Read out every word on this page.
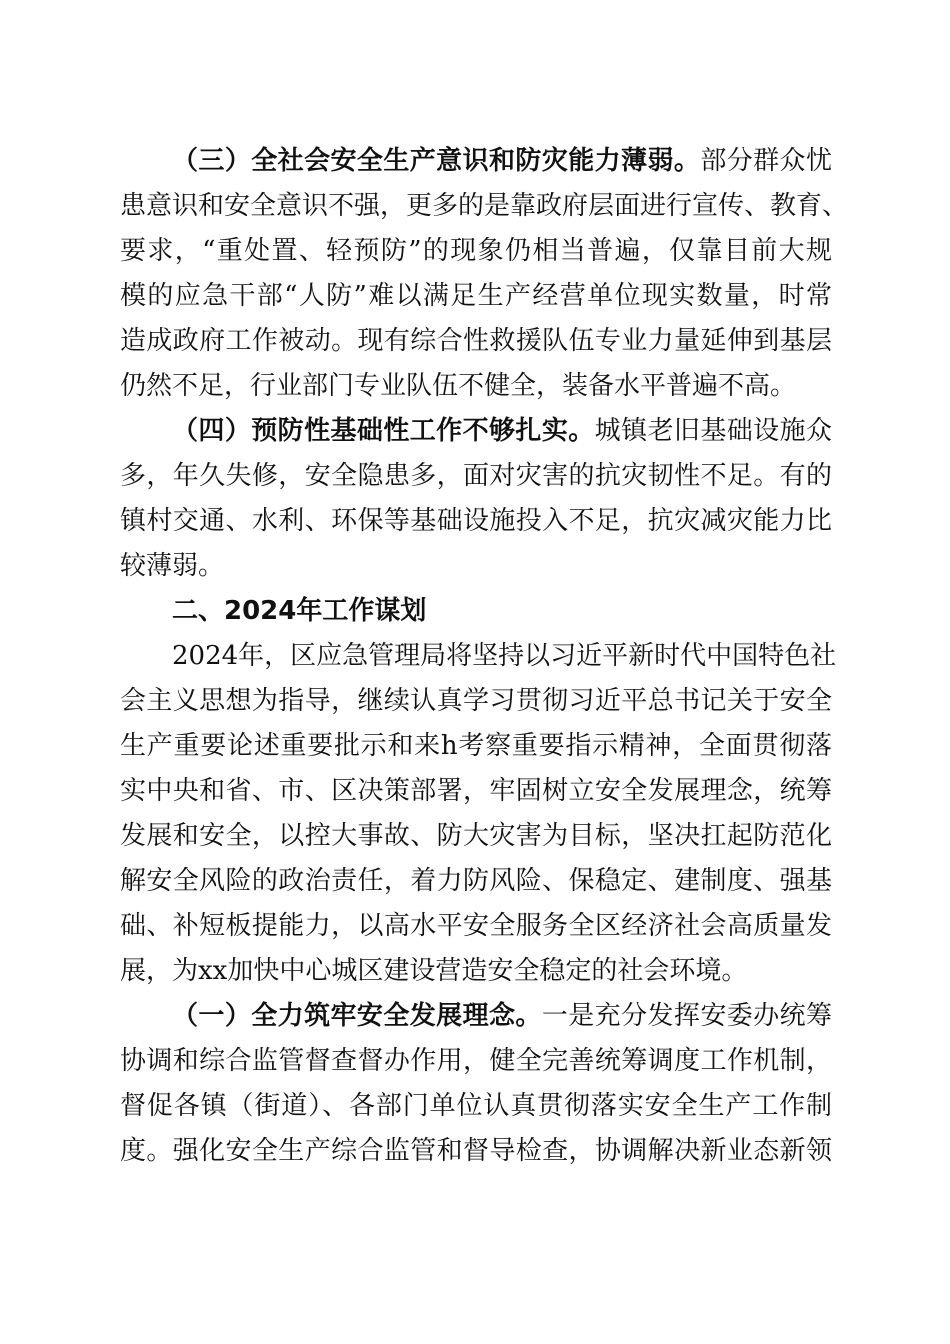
（三）全社会安全生产意识和防灾能力薄弱。部分群众忧
患意识和安全意识不强，更多的是靠政府层面进行宣传、教育、
要求，“重处置、轻预防”的现象仍相当普遍，仅靠目前大规
模的应急干部“人防”难以满足生产经营单位现实数量，时常
造成政府工作被动。现有综合性救援队伍专业力量延伸到基层
仍然不足，行业部门专业队伍不健全，装备水平普遍不高。
（四）预防性基础性工作不够扎实。城镇老旧基础设施众
多，年久失修，安全隐患多，面对灾害的抗灾韧性不足。有的
镇村交通、水利、环保等基础设施投入不足，抗灾减灾能力比
较薄弱。
二、2024年工作谋划
2024年，区应急管理局将坚持以习近平新时代中国特色社
会主义思想为指导，继续认真学习贯彻习近平总书记关于安全
生产重要论述重要批示和来h考察重要指示精神，全面贯彻落
实中央和省、市、区决策部署，牢固树立安全发展理念，统筹
发展和安全，以控大事故、防大灾害为目标，坚决扛起防范化
解安全风险的政治责任，着力防风险、保稳定、建制度、强基
础、补短板提能力，以高水平安全服务全区经济社会高质量发
展，为xx加快中心城区建设营造安全稳定的社会环境。
（一）全力筑牢安全发展理念。一是充分发挥安委办统筹
协调和综合监管督查督办作用，健全完善统筹调度工作机制，
督促各镇（街道）、各部门单位认真贯彻落实安全生产工作制
度。强化安全生产综合监管和督导检查，协调解决新业态新领
